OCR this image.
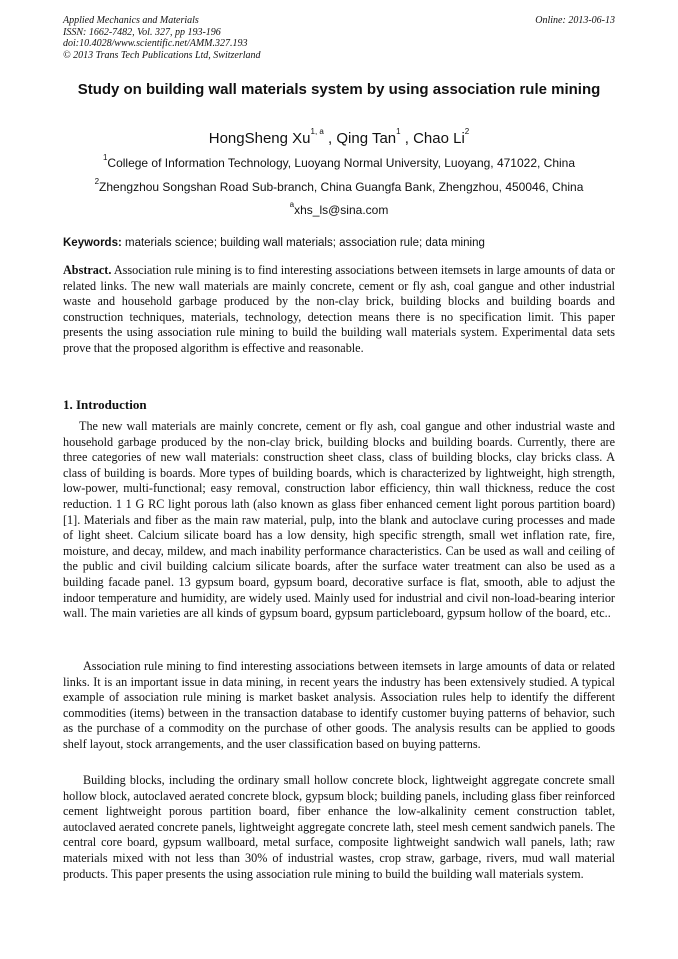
Applied Mechanics and Materials
ISSN: 1662-7482, Vol. 327, pp 193-196
doi:10.4028/www.scientific.net/AMM.327.193
© 2013 Trans Tech Publications Ltd, Switzerland
Online: 2013-06-13
Study on building wall materials system by using association rule mining
HongSheng Xu$^{1, a}$ , Qing Tan$^1$ , Chao Li$^2$
$^1$College of Information Technology, Luoyang Normal University, Luoyang, 471022, China
$^2$Zhengzhou Songshan Road Sub-branch, China Guangfa Bank, Zhengzhou, 450046, China
$^a$xhs_ls@sina.com
Keywords: materials science; building wall materials; association rule; data mining
Abstract. Association rule mining is to find interesting associations between itemsets in large amounts of data or related links. The new wall materials are mainly concrete, cement or fly ash, coal gangue and other industrial waste and household garbage produced by the non-clay brick, building blocks and building boards and construction techniques, materials, technology, detection means there is no specification limit. This paper presents the using association rule mining to build the building wall materials system. Experimental data sets prove that the proposed algorithm is effective and reasonable.
1. Introduction
The new wall materials are mainly concrete, cement or fly ash, coal gangue and other industrial waste and household garbage produced by the non-clay brick, building blocks and building boards. Currently, there are three categories of new wall materials: construction sheet class, class of building blocks, clay bricks class. A class of building is boards. More types of building boards, which is characterized by lightweight, high strength, low-power, multi-functional; easy removal, construction labor efficiency, thin wall thickness, reduce the cost reduction. 1 1 G RC light porous lath (also known as glass fiber enhanced cement light porous partition board) [1]. Materials and fiber as the main raw material, pulp, into the blank and autoclave curing processes and made of light sheet. Calcium silicate board has a low density, high specific strength, small wet inflation rate, fire, moisture, and decay, mildew, and mach inability performance characteristics. Can be used as wall and ceiling of the public and civil building calcium silicate boards, after the surface water treatment can also be used as a building facade panel. 13 gypsum board, gypsum board, decorative surface is flat, smooth, able to adjust the indoor temperature and humidity, are widely used. Mainly used for industrial and civil non-load-bearing interior wall. The main varieties are all kinds of gypsum board, gypsum particleboard, gypsum hollow of the board, etc..
Association rule mining to find interesting associations between itemsets in large amounts of data or related links. It is an important issue in data mining, in recent years the industry has been extensively studied. A typical example of association rule mining is market basket analysis. Association rules help to identify the different commodities (items) between in the transaction database to identify customer buying patterns of behavior, such as the purchase of a commodity on the purchase of other goods. The analysis results can be applied to goods shelf layout, stock arrangements, and the user classification based on buying patterns.
Building blocks, including the ordinary small hollow concrete block, lightweight aggregate concrete small hollow block, autoclaved aerated concrete block, gypsum block; building panels, including glass fiber reinforced cement lightweight porous partition board, fiber enhance the low-alkalinity cement construction tablet, autoclaved aerated concrete panels, lightweight aggregate concrete lath, steel mesh cement sandwich panels. The central core board, gypsum wallboard, metal surface, composite lightweight sandwich wall panels, lath; raw materials mixed with not less than 30% of industrial wastes, crop straw, garbage, rivers, mud wall material products. This paper presents the using association rule mining to build the building wall materials system.
